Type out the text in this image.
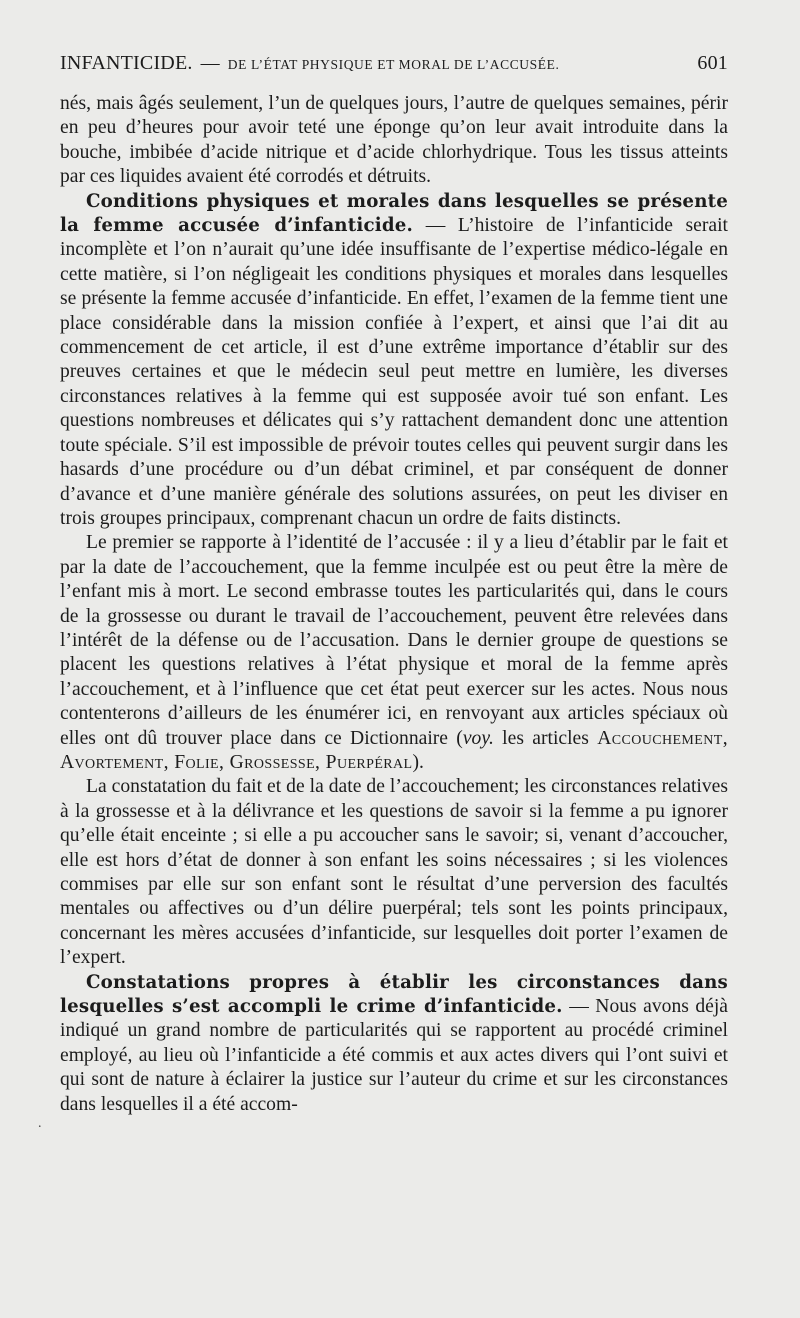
INFANTICIDE. — DE L’ÉTAT PHYSIQUE ET MORAL DE L’ACCUSÉE.	601

nés, mais âgés seulement, l’un de quelques jours, l’autre de quelques semaines, périr en peu d’heures pour avoir teté une éponge qu’on leur avait introduite dans la bouche, imbibée d’acide nitrique et d’acide chlorhydrique. Tous les tissus atteints par ces liquides avaient été corrodés et détruits.

Conditions physiques et morales dans lesquelles se présente la femme accusée d’infanticide. — L’histoire de l’infanticide serait incomplète et l’on n’aurait qu’une idée insuffisante de l’expertise médico-légale en cette matière, si l’on négligeait les conditions physiques et morales dans lesquelles se présente la femme accusée d’infanticide. En effet, l’examen de la femme tient une place considérable dans la mission confiée à l’expert, et ainsi que l’ai dit au commencement de cet article, il est d’une extrême importance d’établir sur des preuves certaines et que le médecin seul peut mettre en lumière, les diverses circonstances relatives à la femme qui est supposée avoir tué son enfant. Les questions nombreuses et délicates qui s’y rattachent demandent donc une attention toute spéciale. S’il est impossible de prévoir toutes celles qui peuvent surgir dans les hasards d’une procédure ou d’un débat criminel, et par conséquent de donner d’avance et d’une manière générale des solutions assurées, on peut les diviser en trois groupes principaux, comprenant chacun un ordre de faits distincts.

Le premier se rapporte à l’identité de l’accusée : il y a lieu d’établir par le fait et par la date de l’accouchement, que la femme inculpée est ou peut être la mère de l’enfant mis à mort. Le second embrasse toutes les particularités qui, dans le cours de la grossesse ou durant le travail de l’accouchement, peuvent être relevées dans l’intérêt de la défense ou de l’accusation. Dans le dernier groupe de questions se placent les questions relatives à l’état physique et moral de la femme après l’accouchement, et à l’influence que cet état peut exercer sur les actes. Nous nous contenterons d’ailleurs de les énumérer ici, en renvoyant aux articles spéciaux où elles ont dû trouver place dans ce Dictionnaire (voy. les articles Accouchement, Avortement, Folie, Grossesse, Puerpéral).

La constatation du fait et de la date de l’accouchement; les circonstances relatives à la grossesse et à la délivrance et les questions de savoir si la femme a pu ignorer qu’elle était enceinte ; si elle a pu accoucher sans le savoir; si, venant d’accoucher, elle est hors d’état de donner à son enfant les soins nécessaires ; si les violences commises par elle sur son enfant sont le résultat d’une perversion des facultés mentales ou affectives ou d’un délire puerpéral; tels sont les points principaux, concernant les mères accusées d’infanticide, sur lesquelles doit porter l’examen de l’expert.

Constatations propres à établir les circonstances dans lesquelles s’est accompli le crime d’infanticide. — Nous avons déjà indiqué un grand nombre de particularités qui se rapportent au procédé criminel employé, au lieu où l’infanticide a été commis et aux actes divers qui l’ont suivi et qui sont de nature à éclairer la justice sur l’auteur du crime et sur les circonstances dans lesquelles il a été accom-

.
